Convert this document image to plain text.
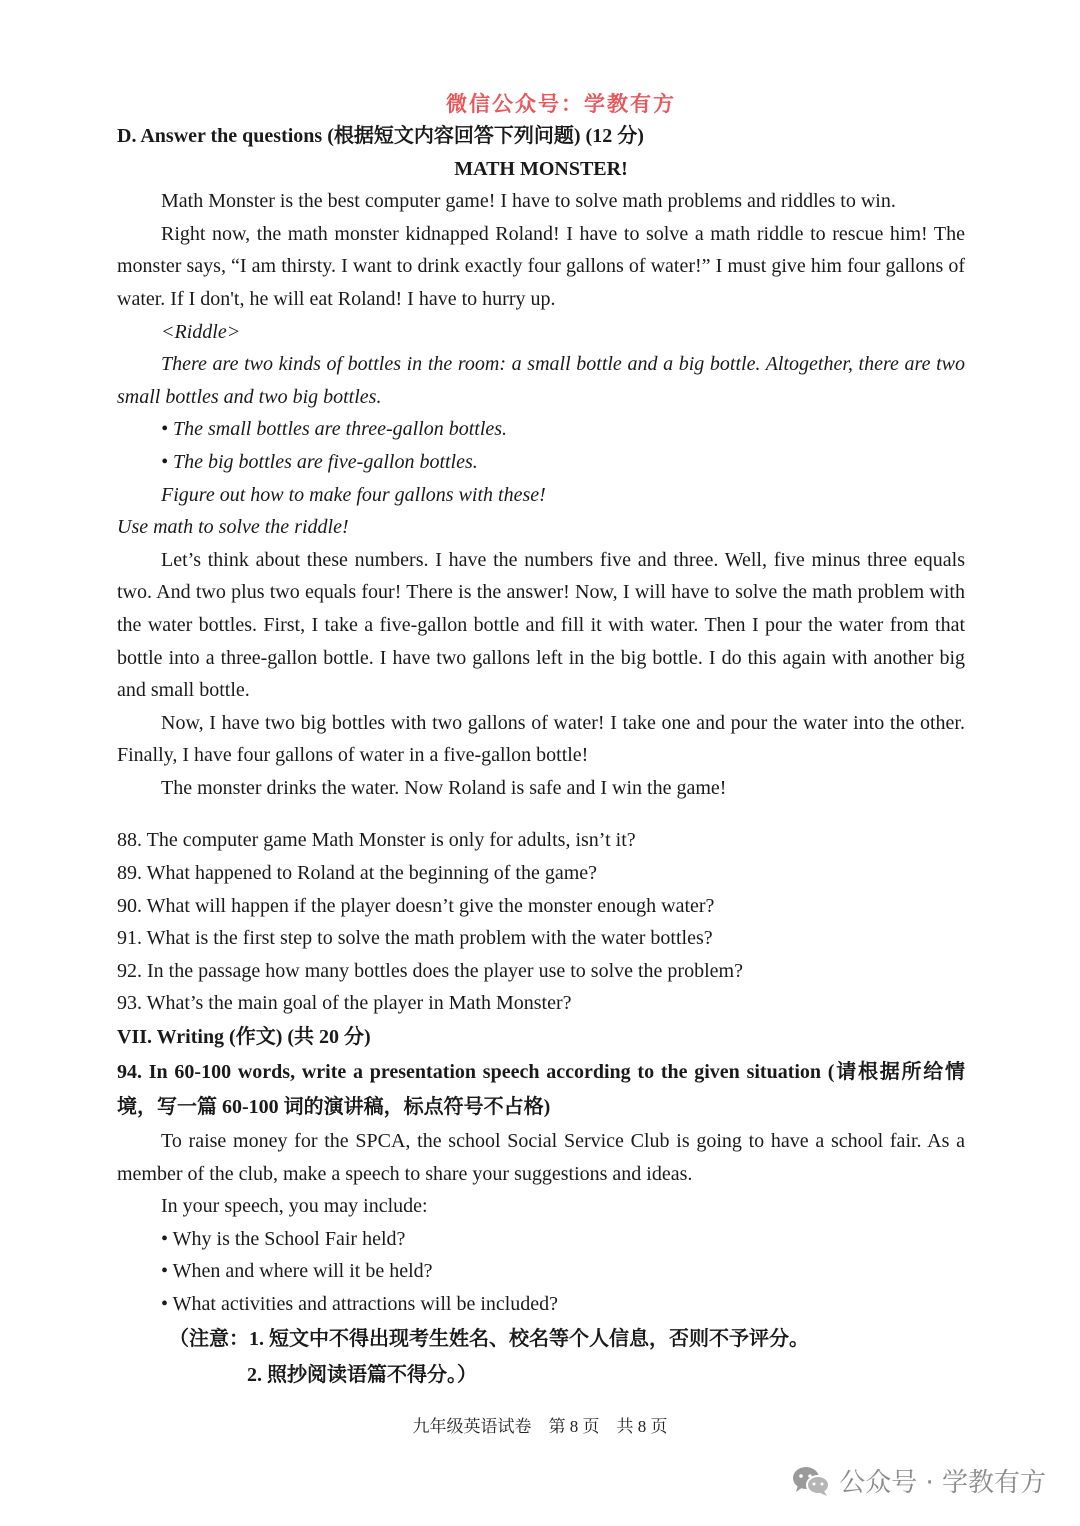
微信公众号：学教有方

D. Answer the questions (根据短文内容回答下列问题) (12 分)

MATH MONSTER!

Math Monster is the best computer game! I have to solve math problems and riddles to win.

Right now, the math monster kidnapped Roland! I have to solve a math riddle to rescue him! The monster says, “I am thirsty. I want to drink exactly four gallons of water!” I must give him four gallons of water. If I don't, he will eat Roland! I have to hurry up.

<Riddle>

There are two kinds of bottles in the room: a small bottle and a big bottle. Altogether, there are two small bottles and two big bottles.

• The small bottles are three-gallon bottles.

• The big bottles are five-gallon bottles.

Figure out how to make four gallons with these!

Use math to solve the riddle!

Let’s think about these numbers. I have the numbers five and three. Well, five minus three equals two. And two plus two equals four! There is the answer! Now, I will have to solve the math problem with the water bottles. First, I take a five-gallon bottle and fill it with water. Then I pour the water from that bottle into a three-gallon bottle. I have two gallons left in the big bottle. I do this again with another big and small bottle.

Now, I have two big bottles with two gallons of water! I take one and pour the water into the other. Finally, I have four gallons of water in a five-gallon bottle!

The monster drinks the water. Now Roland is safe and I win the game!

88. The computer game Math Monster is only for adults, isn’t it?

89. What happened to Roland at the beginning of the game?

90. What will happen if the player doesn’t give the monster enough water?

91. What is the first step to solve the math problem with the water bottles?

92. In the passage how many bottles does the player use to solve the problem?

93. What’s the main goal of the player in Math Monster?

VII. Writing (作文) (共 20 分)

94. In 60-100 words, write a presentation speech according to the given situation (请根据所给情境，写一篇 60-100 词的演讲稿，标点符号不占格)

To raise money for the SPCA, the school Social Service Club is going to have a school fair. As a member of the club, make a speech to share your suggestions and ideas.

In your speech, you may include:

• Why is the School Fair held?

• When and where will it be held?

• What activities and attractions will be included?

（注意：1. 短文中不得出现考生姓名、校名等个人信息，否则不予评分。
2. 照抄阅读语篇不得分。）
九年级英语试卷　第 8 页　共 8 页
公众号 · 学教有方
